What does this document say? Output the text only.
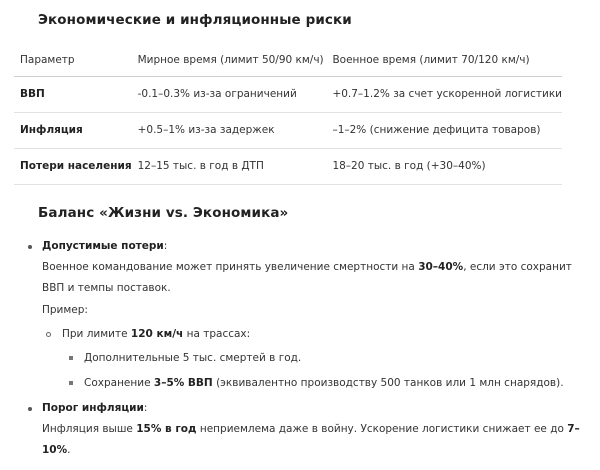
Экономические и инфляционные риски
Параметр	Мирное время (лимит 50/90 км/ч)	Военное время (лимит 70/120 км/ч)
ВВП	-0.1–0.3% из-за ограничений	+0.7–1.2% за счет ускоренной логистики
Инфляция	+0.5–1% из-за задержек	–1–2% (снижение дефицита товаров)
Потери населения	12–15 тыс. в год в ДТП	18–20 тыс. в год (+30–40%)
Баланс «Жизни vs. Экономика»
Допустимые потери:
Военное командование может принять увеличение смертности на 30–40%, если это сохранит
ВВП и темпы поставок.
Пример:
При лимите 120 км/ч на трассах:
Дополнительные 5 тыс. смертей в год.
Сохранение 3–5% ВВП (эквивалентно производству 500 танков или 1 млн снарядов).
Порог инфляции:
Инфляция выше 15% в год неприемлема даже в войну. Ускорение логистики снижает ее до 7–
10%.
